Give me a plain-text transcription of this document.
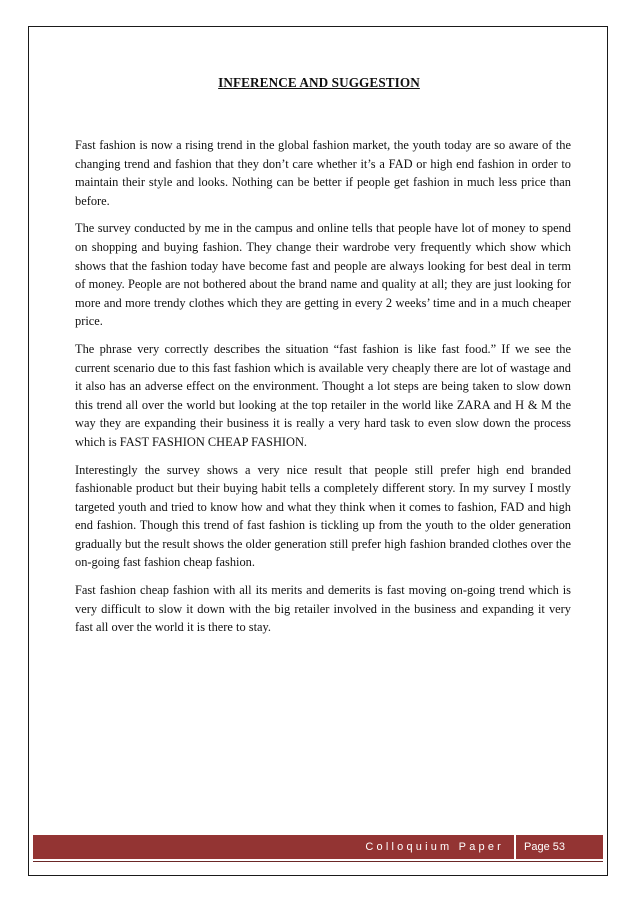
INFERENCE AND SUGGESTION

Fast fashion is now a rising trend in the global fashion market, the youth today are so aware of the changing trend and fashion that they don’t care whether it’s a FAD or high end fashion in order to maintain their style and looks. Nothing can be better if people get fashion in much less price than before.

The survey conducted by me in the campus and online tells that people have lot of money to spend on shopping and buying fashion. They change their wardrobe very frequently which show which shows that the fashion today have become fast and people are always looking for best deal in term of money. People are not bothered about the brand name and quality at all; they are just looking for more and more trendy clothes which they are getting in every 2 weeks’ time and in a much cheaper price.

The phrase very correctly describes the situation “fast fashion is like fast food.” If we see the current scenario due to this fast fashion which is available very cheaply there are lot of wastage and it also has an adverse effect on the environment. Thought a lot steps are being taken to slow down this trend all over the world but looking at the top retailer in the world like ZARA and H & M the way they are expanding their business it is really a very hard task to even slow down the process which is FAST FASHION CHEAP FASHION.

Interestingly the survey shows a very nice result that people still prefer high end branded fashionable product but their buying habit tells a completely different story. In my survey I mostly targeted youth and tried to know how and what they think when it comes to fashion, FAD and high end fashion. Though this trend of fast fashion is tickling up from the youth to the older generation gradually but the result shows the older generation still prefer high fashion branded clothes over the on-going fast fashion cheap fashion.

Fast fashion cheap fashion with all its merits and demerits is fast moving on-going trend which is very difficult to slow it down with the big retailer involved in the business and expanding it very fast all over the world it is there to stay.

Colloquium Paper	Page 53
